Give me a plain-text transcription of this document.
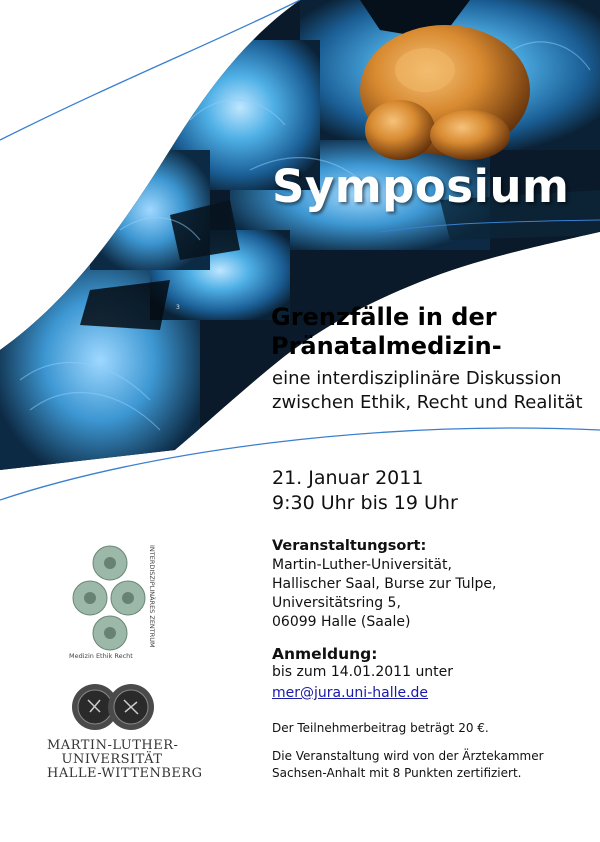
3
Symposium
Grenzfälle in der
Pränatalmedizin-
eine interdisziplinäre Diskussion
zwischen Ethik, Recht und Realität
21. Januar 2011
9:30 Uhr bis 19 Uhr
Veranstaltungsort:
Martin-Luther-Universität,
Hallischer Saal, Burse zur Tulpe,
Universitätsring 5,
06099 Halle (Saale)
Anmeldung:
bis zum 14.01.2011 unter
mer@jura.uni-halle.de
Der Teilnehmerbeitrag beträgt 20 €.
Die Veranstaltung wird von der Ärztekammer
Sachsen-Anhalt mit 8 Punkten zertifiziert.
Medizin Ethik Recht
INTERDISZIPLINÄRES ZENTRUM
MARTIN-LUTHER-
UNIVERSITÄT
HALLE-WITTENBERG
